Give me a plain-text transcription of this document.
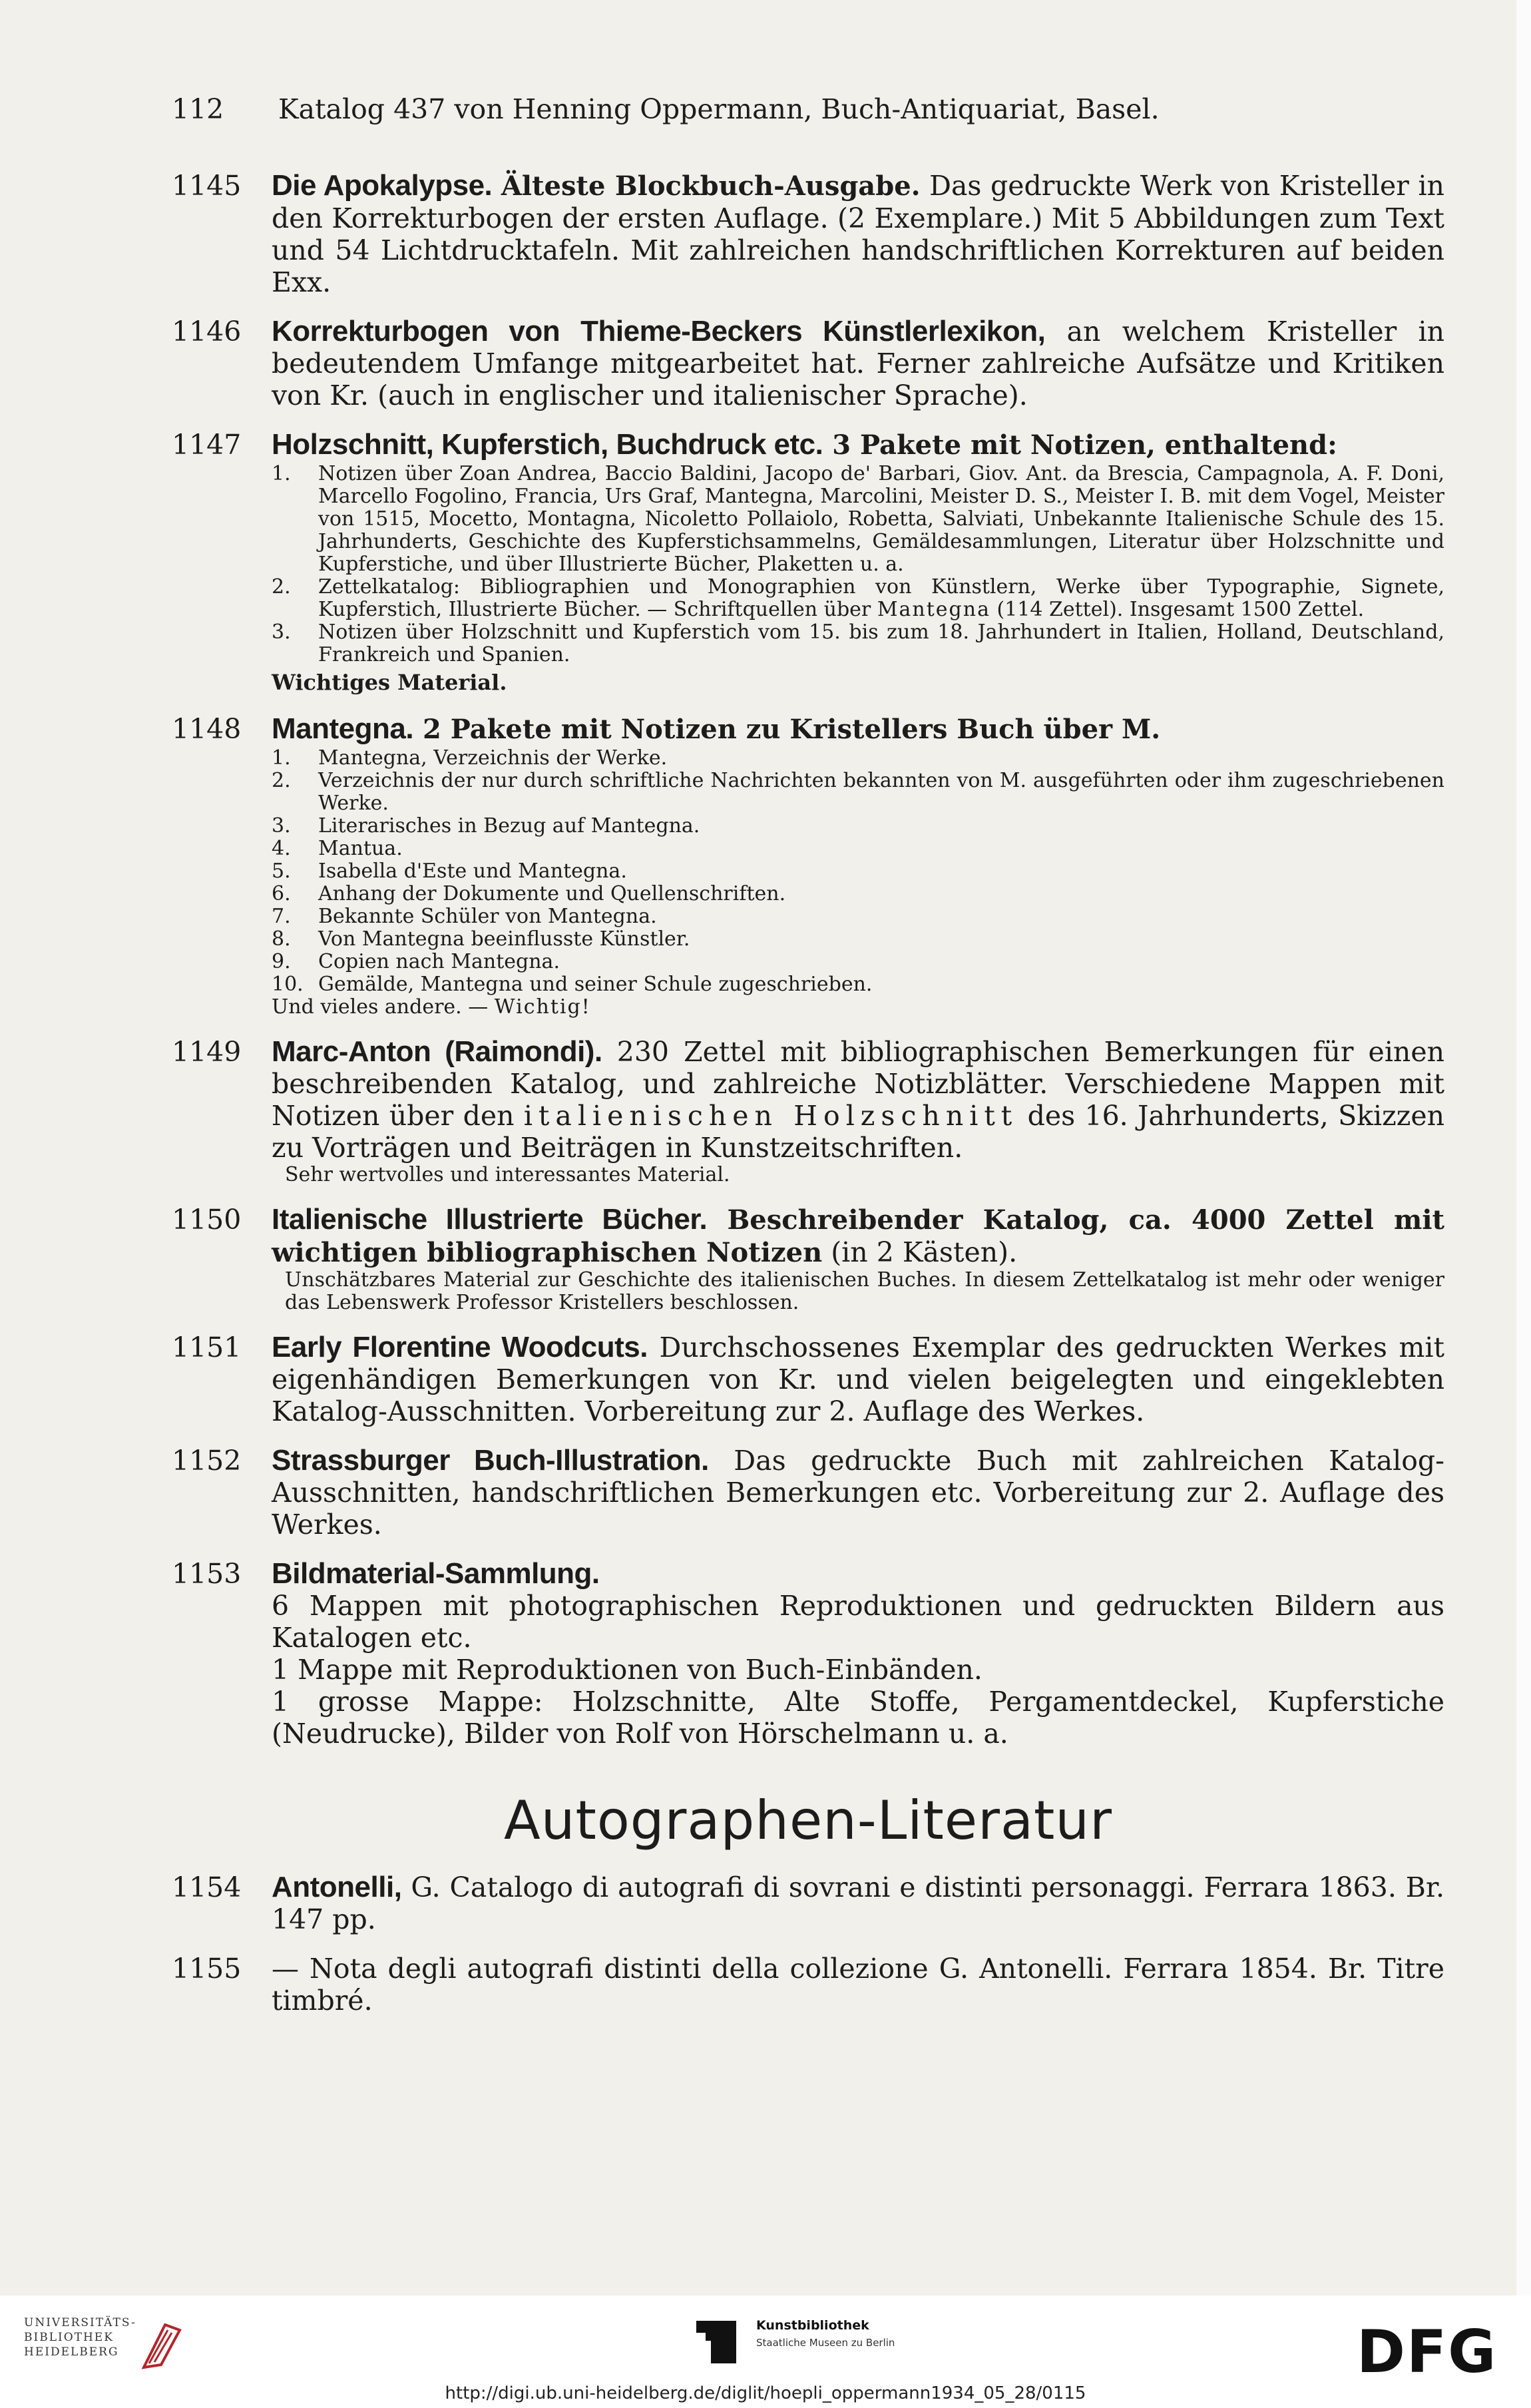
112 Katalog 437 von Henning Oppermann, Buch-Antiquariat, Basel.
1145 Die Apokalypse. Älteste Blockbuch-Ausgabe. Das gedruckte Werk von Kristeller in den Korrekturbogen der ersten Auflage. (2 Exemplare.) Mit 5 Abbildungen zum Text und 54 Lichtdrucktafeln. Mit zahlreichen handschriftlichen Korrekturen auf beiden Exx.
1146 Korrekturbogen von Thieme-Beckers Künstlerlexikon, an welchem Kristeller in bedeutendem Umfange mitgearbeitet hat. Ferner zahlreiche Aufsätze und Kritiken von Kr. (auch in englischer und italienischer Sprache).
1147 Holzschnitt, Kupferstich, Buchdruck etc. 3 Pakete mit Notizen, enthaltend:
1.	Notizen über Zoan Andrea, Baccio Baldini, Jacopo de' Barbari, Giov. Ant. da Brescia, Campagnola, A. F. Doni, Marcello Fogolino, Francia, Urs Graf, Mantegna, Marcolini, Meister D. S., Meister I. B. mit dem Vogel, Meister von 1515, Mocetto, Montagna, Nicoletto Pollaiolo, Robetta, Salviati, Unbekannte Italienische Schule des 15. Jahrhunderts, Geschichte des Kupferstichsammelns, Gemäldesammlungen, Literatur über Holzschnitte und Kupferstiche, und über Illustrierte Bücher, Plaketten u. a.
2.	Zettelkatalog: Bibliographien und Monographien von Künstlern, Werke über Typographie, Signete, Kupferstich, Illustrierte Bücher. — Schriftquellen über Mantegna (114 Zettel). Insgesamt 1500 Zettel.
3.	Notizen über Holzschnitt und Kupferstich vom 15. bis zum 18. Jahrhundert in Italien, Holland, Deutschland, Frankreich und Spanien.
Wichtiges Material.
1148 Mantegna. 2 Pakete mit Notizen zu Kristellers Buch über M.
1.	Mantegna, Verzeichnis der Werke.
2.	Verzeichnis der nur durch schriftliche Nachrichten bekannten von M. ausgeführten oder ihm zugeschriebenen Werke.
3.	Literarisches in Bezug auf Mantegna.
4.	Mantua.
5.	Isabella d'Este und Mantegna.
6.	Anhang der Dokumente und Quellenschriften.
7.	Bekannte Schüler von Mantegna.
8.	Von Mantegna beeinflusste Künstler.
9.	Copien nach Mantegna.
10. Gemälde, Mantegna und seiner Schule zugeschrieben.
Und vieles andere. — Wichtig!
1149 Marc-Anton (Raimondi). 230 Zettel mit bibliographischen Bemerkungen für einen beschreibenden Katalog, und zahlreiche Notizblätter. Verschiedene Mappen mit Notizen über den italienischen Holzschnitt des 16. Jahrhunderts, Skizzen zu Vorträgen und Beiträgen in Kunstzeitschriften.
Sehr wertvolles und interessantes Material.
1150 Italienische Illustrierte Bücher. Beschreibender Katalog, ca. 4000 Zettel mit wichtigen bibliographischen Notizen (in 2 Kästen).
Unschätzbares Material zur Geschichte des italienischen Buches. In diesem Zettelkatalog ist mehr oder weniger das Lebenswerk Professor Kristellers beschlossen.
1151 Early Florentine Woodcuts. Durchschossenes Exemplar des gedruckten Werkes mit eigenhändigen Bemerkungen von Kr. und vielen beigelegten und eingeklebten Katalog-Ausschnitten. Vorbereitung zur 2. Auflage des Werkes.
1152 Strassburger Buch-Illustration. Das gedruckte Buch mit zahlreichen Katalog-Ausschnitten, handschriftlichen Bemerkungen etc. Vorbereitung zur 2. Auflage des Werkes.
1153 Bildmaterial-Sammlung.
6 Mappen mit photographischen Reproduktionen und gedruckten Bildern aus Katalogen etc.
1 Mappe mit Reproduktionen von Buch-Einbänden.
1 grosse Mappe: Holzschnitte, Alte Stoffe, Pergamentdeckel, Kupferstiche (Neudrucke), Bilder von Rolf von Hörschelmann u. a.
Autographen-Literatur
1154 Antonelli, G. Catalogo di autografi di sovrani e distinti personaggi. Ferrara 1863. Br. 147 pp.
1155 — Nota degli autografi distinti della collezione G. Antonelli. Ferrara 1854. Br. Titre timbré.
UNIVERSITÄTS-
BIBLIOTHEK
HEIDELBERG
Kunstbibliothek
Staatliche Museen zu Berlin	DFG
http://digi.ub.uni-heidelberg.de/diglit/hoepli_oppermann1934_05_28/0115
